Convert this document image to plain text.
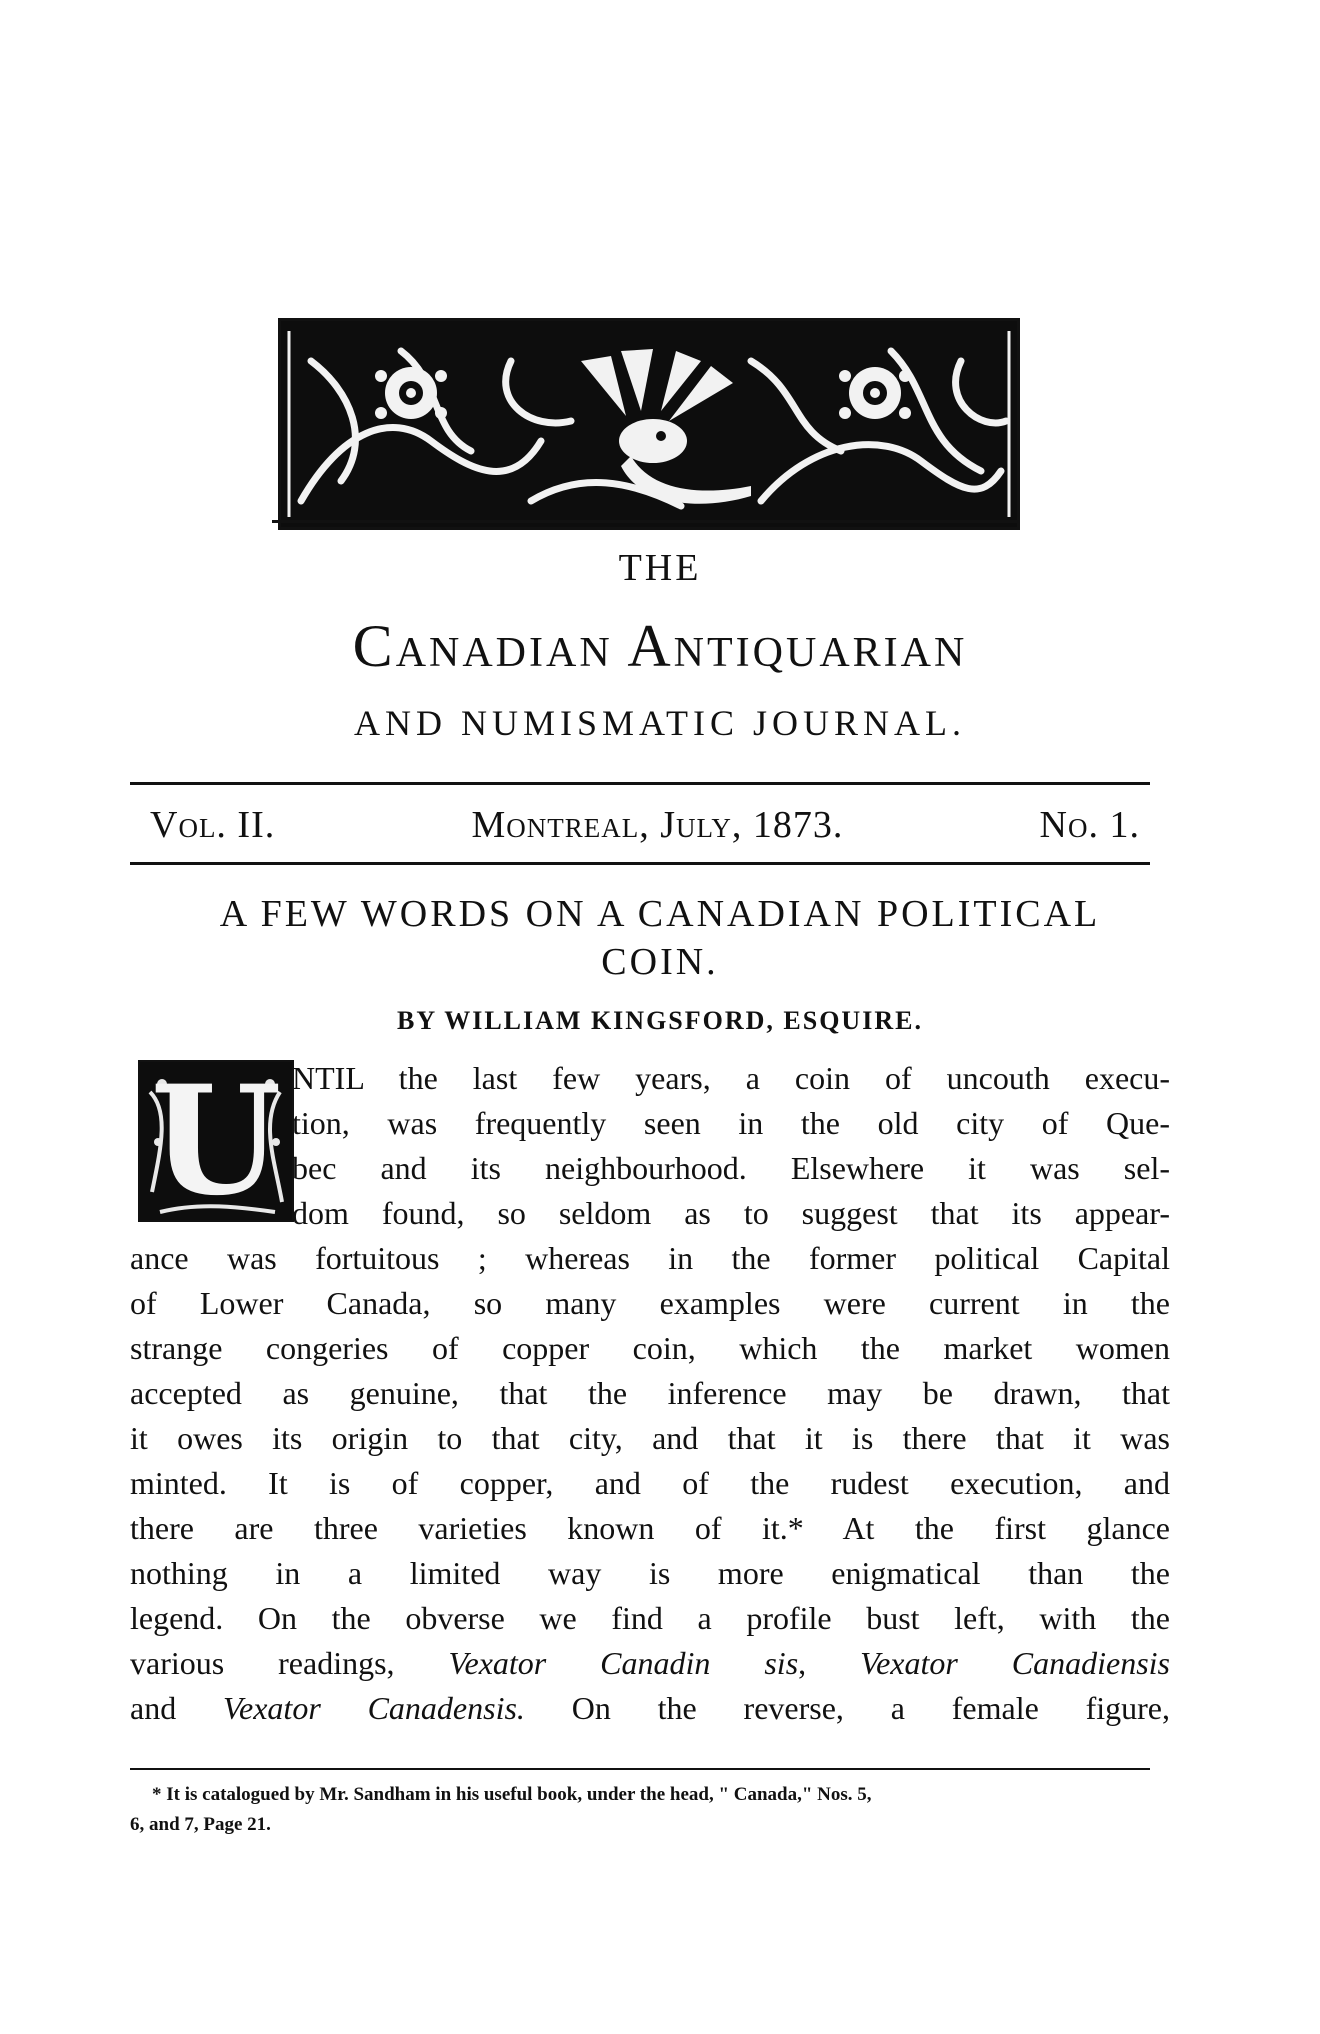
THE
Canadian Antiquarian
AND NUMISMATIC JOURNAL.
Vol. II.	Montreal, July, 1873.	No. 1.
A FEW WORDS ON A CANADIAN POLITICAL
COIN.
BY WILLIAM KINGSFORD, ESQUIRE.
U NTIL the last few years, a coin of uncouth execu-
tion, was frequently seen in the old city of Que-
bec and its neighbourhood. Elsewhere it was sel-
dom found, so seldom as to suggest that its appear-
ance was fortuitous ; whereas in the former political Capital
of Lower Canada, so many examples were current in the
strange congeries of copper coin, which the market women
accepted as genuine, that the inference may be drawn, that
it owes its origin to that city, and that it is there that it was
minted. It is of copper, and of the rudest execution, and
there are three varieties known of it.* At the first glance
nothing in a limited way is more enigmatical than the
legend. On the obverse we find a profile bust left, with the
various readings, Vexator Canadin sis, Vexator Canadiensis
and Vexator Canadensis. On the reverse, a female figure,
* It is catalogued by Mr. Sandham in his useful book, under the head, " Canada," Nos. 5,
6, and 7, Page 21.
